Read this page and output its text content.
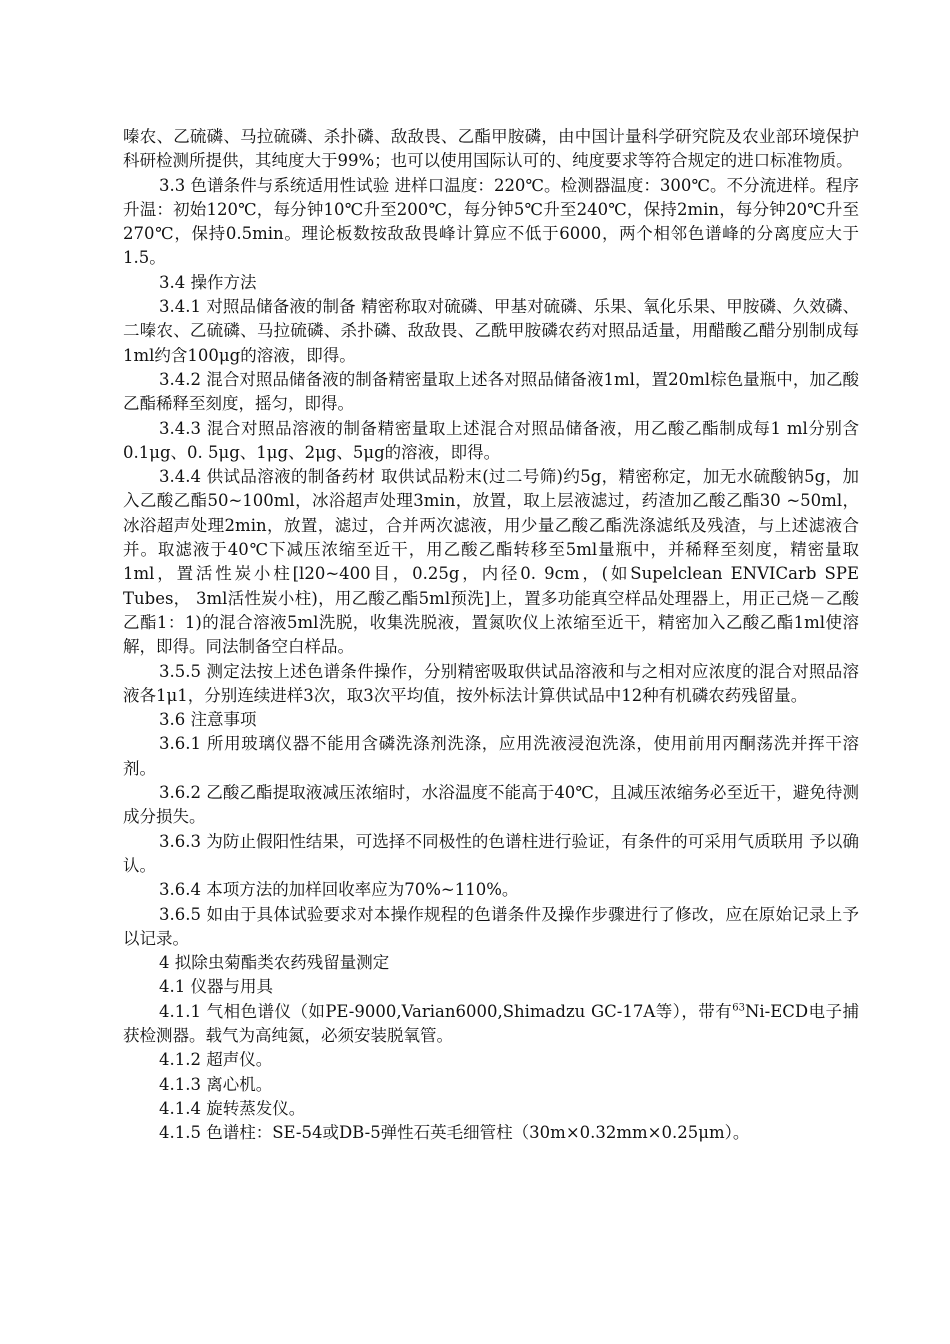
嗪农、乙硫磷、马拉硫磷、杀扑磷、敌敌畏、乙酯甲胺磷，由中国计量科学研究院及农业部环境保护科研检测所提供，其纯度大于99%；也可以使用国际认可的、纯度要求等符合规定的进口标准物质。

3.3 色谱条件与系统适用性试验 进样口温度：220℃。检测器温度：300℃。不分流进样。程序升温：初始120℃，每分钟10℃升至200℃，每分钟5℃升至240℃，保持2min，每分钟20℃升至270℃，保持0.5min。理论板数按敌敌畏峰计算应不低于6000，两个相邻色谱峰的分离度应大于1.5。

3.4 操作方法

3.4.1 对照品储备液的制备 精密称取对硫磷、甲基对硫磷、乐果、氧化乐果、甲胺磷、久效磷、二嗪农、乙硫磷、马拉硫磷、杀扑磷、敌敌畏、乙酰甲胺磷农药对照品适量，用醋酸乙醋分别制成每1ml约含100μg的溶液，即得。

3.4.2 混合对照品储备液的制备精密量取上述各对照品储备液1ml，置20ml棕色量瓶中，加乙酸乙酯稀释至刻度，摇匀，即得。

3.4.3 混合对照品溶液的制备精密量取上述混合对照品储备液，用乙酸乙酯制成每1 ml分别含0.1μg、0. 5μg、1μg、2μg、5μg的溶液，即得。

3.4.4 供试品溶液的制备药材 取供试品粉末(过二号筛)约5g，精密称定，加无水硫酸钠5g，加入乙酸乙酯50~100ml，冰浴超声处理3min，放置，取上层液滤过，药渣加乙酸乙酯30 ~50ml，冰浴超声处理2min，放置，滤过，合并两次滤液，用少量乙酸乙酯洗涤滤纸及残渣，与上述滤液合并。取滤液于40℃下减压浓缩至近干，用乙酸乙酯转移至5ml量瓶中，并稀释至刻度，精密量取1ml，置活性炭小柱[l20~400目，0.25g，内径0. 9cm，(如Supelclean ENVICarb SPE Tubes， 3ml活性炭小柱)，用乙酸乙酯5ml预洗]上，置多功能真空样品处理器上，用正己烧－乙酸乙酯1：1)的混合溶液5ml洗脱，收集洗脱液，置氮吹仪上浓缩至近干，精密加入乙酸乙酯1ml使溶解，即得。同法制备空白样品。

3.5.5 测定法按上述色谱条件操作，分别精密吸取供试品溶液和与之相对应浓度的混合对照品溶液各1μ1，分别连续进样3次，取3次平均值，按外标法计算供试品中12种有机磷农药残留量。

3.6 注意事项

3.6.1 所用玻璃仪器不能用含磷洗涤剂洗涤，应用洗液浸泡洗涤，使用前用丙酮荡洗并挥干溶剂。

3.6.2 乙酸乙酯提取液减压浓缩时，水浴温度不能高于40℃，且减压浓缩务必至近干，避免待测成分损失。

3.6.3 为防止假阳性结果，可选择不同极性的色谱柱进行验证，有条件的可采用气质联用 予以确认。

3.6.4 本项方法的加样回收率应为70%~110%。

3.6.5 如由于具体试验要求对本操作规程的色谱条件及操作步骤进行了修改，应在原始记录上予以记录。

4 拟除虫菊酯类农药残留量测定

4.1 仪器与用具

4.1.1 气相色谱仪（如PE-9000,Varian6000,Shimadzu GC-17A等），带有$^{63}$Ni-ECD电子捕获检测器。载气为高纯氮，必须安装脱氧管。

4.1.2 超声仪。

4.1.3 离心机。

4.1.4 旋转蒸发仪。

4.1.5 色谱柱：SE-54或DB-5弹性石英毛细管柱（30m×0.32mm×0.25μm）。
